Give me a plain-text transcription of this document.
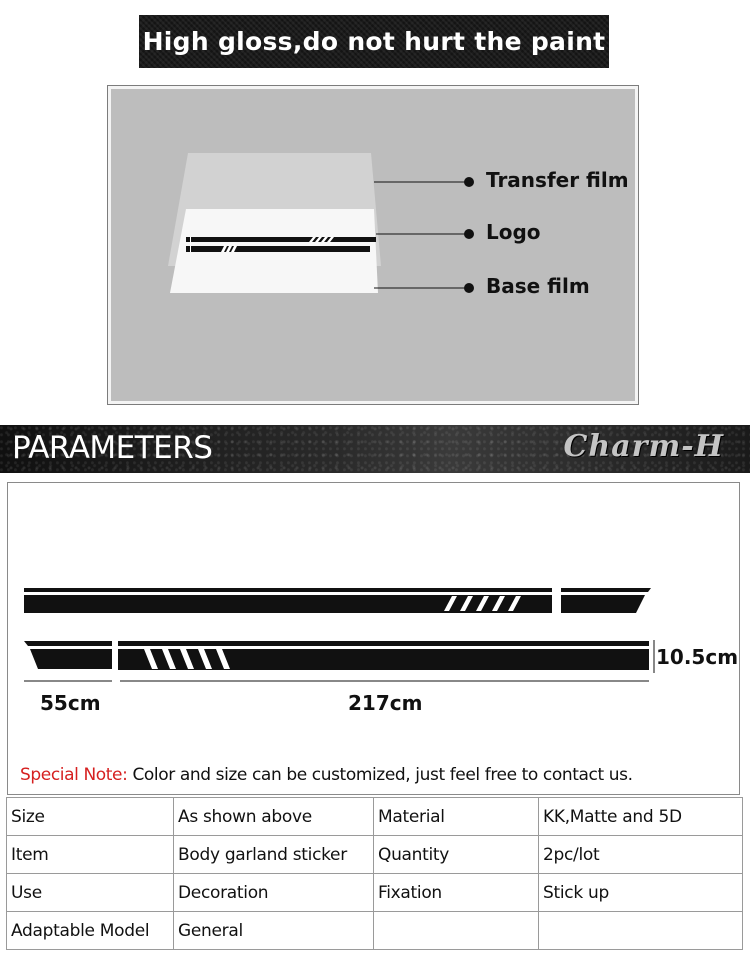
High gloss,do not hurt the paint
Transfer film
Logo
Base film
PARAMETERS	Charm-H
10.5cm
55cm	217cm
Special Note: Color and size can be customized, just feel free to contact us.
Size	As shown above	Material	KK,Matte and 5D
Item	Body garland sticker	Quantity	2pc/lot
Use	Decoration	Fixation	Stick up
Adaptable Model	General		
